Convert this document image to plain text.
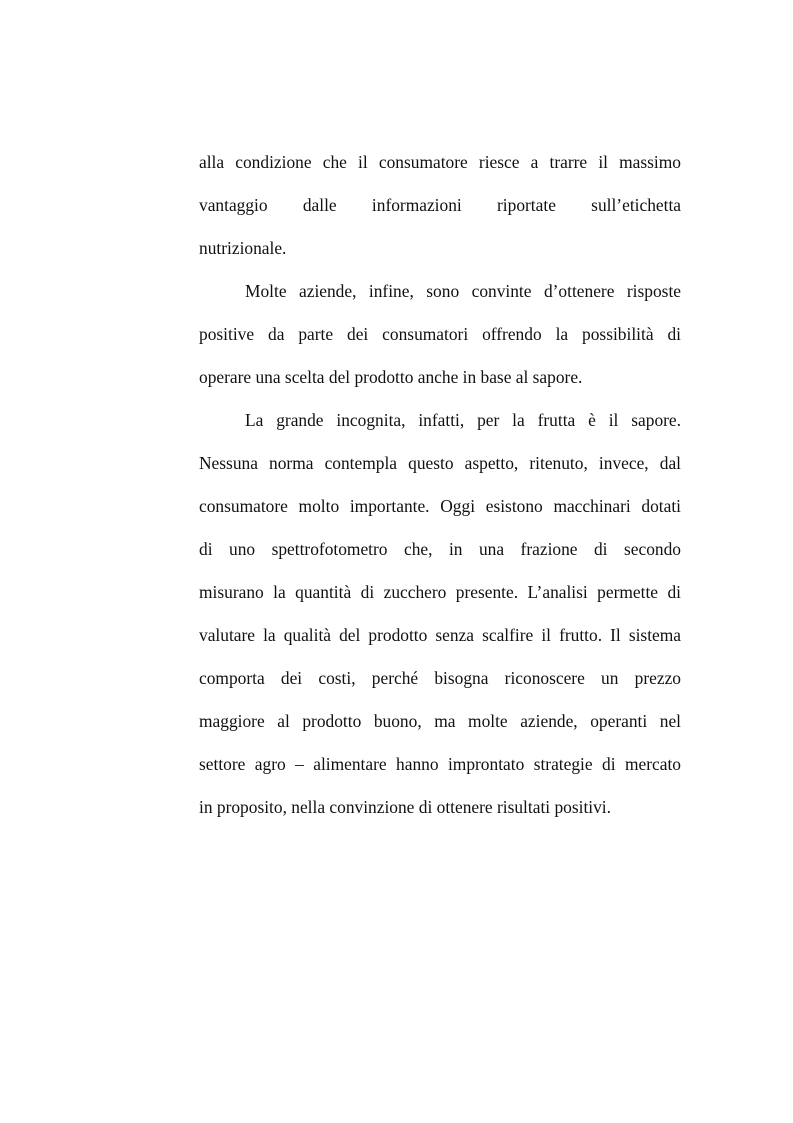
alla condizione che il consumatore riesce a trarre il massimo
vantaggio dalle informazioni riportate sull’etichetta
nutrizionale.
Molte aziende, infine, sono convinte d’ottenere risposte
positive da parte dei consumatori offrendo la possibilità di
operare una scelta del prodotto anche in base al sapore.
La grande incognita, infatti, per la frutta è il sapore.
Nessuna norma contempla questo aspetto, ritenuto, invece, dal
consumatore molto importante. Oggi esistono macchinari dotati
di uno spettrofotometro che, in una frazione di secondo
misurano la quantità di zucchero presente. L’analisi permette di
valutare la qualità del prodotto senza scalfire il frutto. Il sistema
comporta dei costi, perché bisogna riconoscere un prezzo
maggiore al prodotto buono, ma molte aziende, operanti nel
settore agro – alimentare hanno improntato strategie di mercato
in proposito, nella convinzione di ottenere risultati positivi.
